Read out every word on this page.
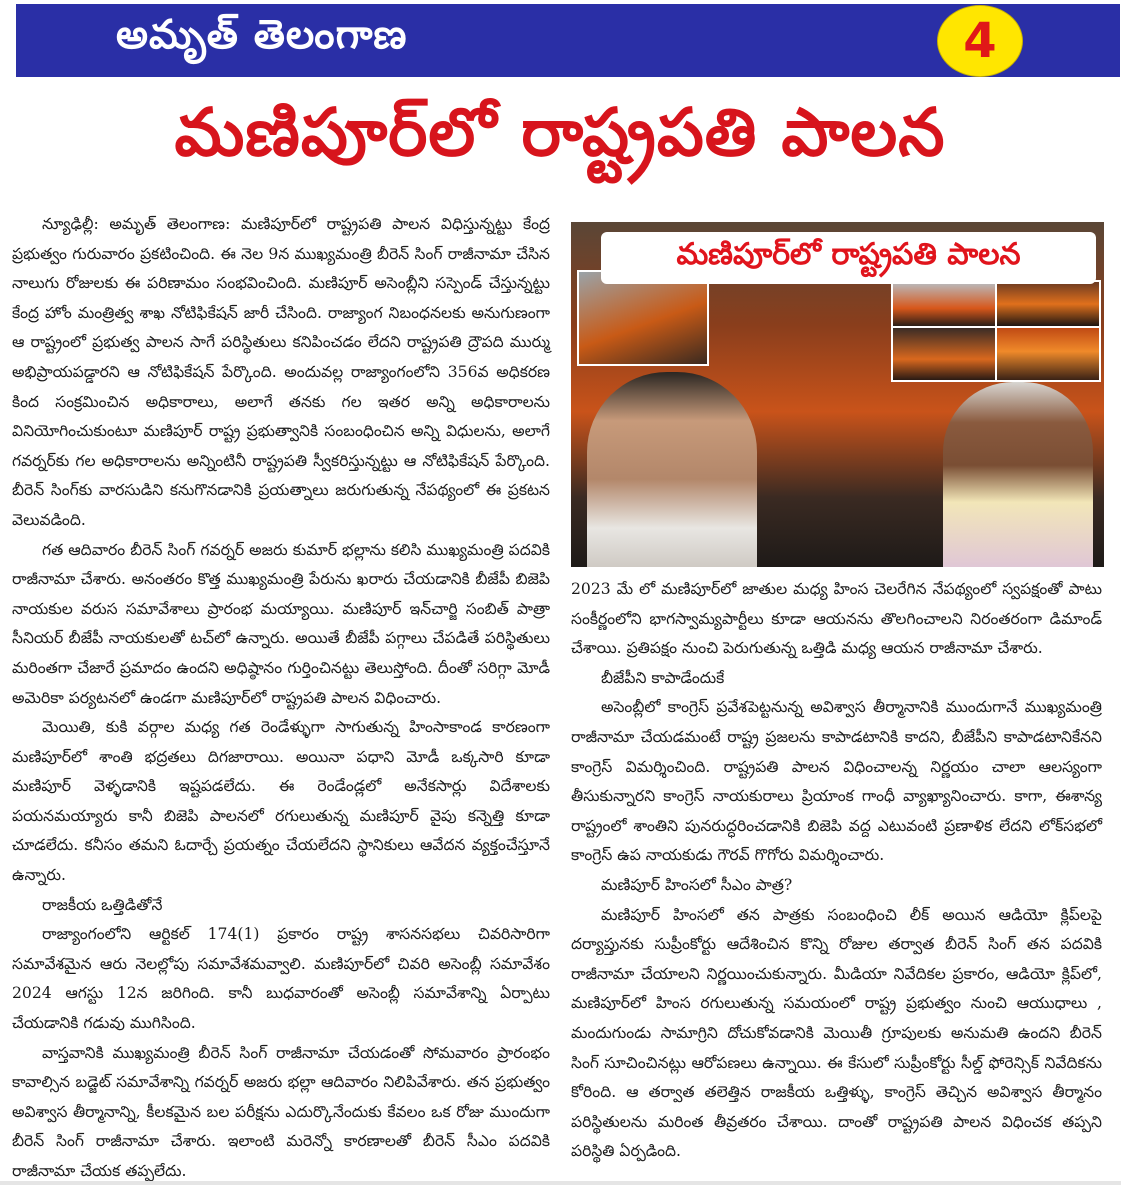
అమృత్ తెలంగాణ	4
మణిపూర్‌లో రాష్ట్రపతి పాలన

న్యూఢిల్లీ: అమృత్ తెలంగాణ: మణిపూర్‌లో రాష్ట్రపతి పాలన విధిస్తున్నట్టు కేంద్ర ప్రభుత్వం గురువారం ప్రకటించింది. ఈ నెల 9న ముఖ్యమంత్రి బీరెన్ సింగ్ రాజీనామా చేసిన నాలుగు రోజులకు ఈ పరిణామం సంభవించింది. మణిపూర్ అసెంబ్లీని సస్పెండ్ చేస్తున్నట్టు కేంద్ర హోం మంత్రిత్వ శాఖ నోటిఫికేషన్ జారీ చేసింది. రాజ్యాంగ నిబంధనలకు అనుగుణంగా ఆ రాష్ట్రంలో ప్రభుత్వ పాలన సాగే పరిస్థితులు కనిపించడం లేదని రాష్ట్రపతి ద్రౌపది ముర్ము అభిప్రాయపడ్డారని ఆ నోటిఫికేషన్ పేర్కొంది. అందువల్ల రాజ్యాంగంలోని 356వ అధికరణ కింద సంక్రమించిన అధికారాలు, అలాగే తనకు గల ఇతర అన్ని అధికారాలను వినియోగించుకుంటూ మణిపూర్ రాష్ట్ర ప్రభుత్వానికి సంబంధించిన అన్ని విధులను, అలాగే గవర్నర్‌కు గల అధికారాలను అన్నింటినీ రాష్ట్రపతి స్వీకరిస్తున్నట్టు ఆ నోటిఫికేషన్ పేర్కొంది. బీరెన్ సింగ్‌కు వారసుడిని కనుగొనడానికి ప్రయత్నాలు జరుగుతున్న నేపథ్యంలో ఈ ప్రకటన వెలువడింది.

గత ఆదివారం బీరెన్ సింగ్ గవర్నర్ అజరు కుమార్ భల్లాను కలిసి ముఖ్యమంత్రి పదవికి రాజీనామా చేశారు. అనంతరం కొత్త ముఖ్యమంత్రి పేరును ఖరారు చేయడానికి బీజేపీ బిజెపి నాయకుల వరుస సమావేశాలు ప్రారంభ మయ్యాయి. మణిపూర్ ఇన్‌చార్జి సంబిత్ పాత్రా సీనియర్ బీజేపీ నాయకులతో టచ్‌లో ఉన్నారు. అయితే బీజేపీ పగ్గాలు చేపడితే పరిస్థితులు మరింతగా చేజారే ప్రమాదం ఉందని అధిష్ఠానం గుర్తించినట్టు తెలుస్తోంది. దీంతో సరిగ్గా మోడీ అమెరికా పర్యటనలో ఉండగా మణిపూర్‌లో రాష్ట్రపతి పాలన విధించారు.

మెయితి, కుకి వర్గాల మధ్య గత రెండేళ్ళుగా సాగుతున్న హింసాకాండ కారణంగా మణిపూర్‌లో శాంతి భద్రతలు దిగజారాయి. అయినా పధాని మోడీ ఒక్కసారి కూడా మణిపూర్ వెళ్ళడానికి ఇష్టపడలేదు. ఈ రెండేండ్లలో అనేకసార్లు విదేశాలకు పయనమయ్యారు కానీ బిజెపి పాలనలో రగులుతున్న మణిపూర్ వైపు కన్నెత్తి కూడా చూడలేదు. కనీసం తమని ఓదార్చే ప్రయత్నం చేయలేదని స్థానికులు ఆవేదన వ్యక్తంచేస్తూనే ఉన్నారు.

రాజకీయ ఒత్తిడితోనే

రాజ్యాంగంలోని ఆర్టికల్ 174(1) ప్రకారం రాష్ట్ర శాసనసభలు చివరిసారిగా సమావేశమైన ఆరు నెలల్లోపు సమావేశమవ్వాలి. మణిపూర్‌లో చివరి అసెంబ్లీ సమావేశం 2024 ఆగస్టు 12న జరిగింది. కానీ బుధవారంతో అసెంబ్లీ సమావేశాన్ని ఏర్పాటు చేయడానికి గడువు ముగిసింది.

వాస్తవానికి ముఖ్యమంత్రి బీరెన్ సింగ్ రాజీనామా చేయడంతో సోమవారం ప్రారంభం కావాల్సిన బడ్జెట్ సమావేశాన్ని గవర్నర్ అజరు భల్లా ఆదివారం నిలిపివేశారు. తన ప్రభుత్వం అవిశ్వాస తీర్మానాన్ని, కీలకమైన బల పరీక్షను ఎదుర్కొనేందుకు కేవలం ఒక రోజు ముందుగా బీరెన్ సింగ్ రాజీనామా చేశారు. ఇలాంటి మరెన్నో కారణాలతో బీరెన్ సీఎం పదవికి రాజీనామా చేయక తప్పలేదు.

మణిపూర్‌లో రాష్ట్రపతి పాలన

2023 మే లో మణిపూర్‌లో జాతుల మధ్య హింస చెలరేగిన నేపథ్యంలో స్వపక్షంతో పాటు సంకీర్ణంలోని భాగస్వామ్యపార్టీలు కూడా ఆయనను తొలగించాలని నిరంతరంగా డిమాండ్ చేశాయి. ప్రతిపక్షం నుంచి పెరుగుతున్న ఒత్తిడి మధ్య ఆయన రాజీనామా చేశారు.

బీజేపీని కాపాడేందుకే

అసెంబ్లీలో కాంగ్రెస్ ప్రవేశపెట్టనున్న అవిశ్వాస తీర్మానానికి ముందుగానే ముఖ్యమంత్రి రాజీనామా చేయడమంటే రాష్ట్ర ప్రజలను కాపాడటానికి కాదని, బీజేపీని కాపాడటానికేనని కాంగ్రెస్ విమర్శించింది. రాష్ట్రపతి పాలన విధించాలన్న నిర్ణయం చాలా ఆలస్యంగా తీసుకున్నారని కాంగ్రెస్ నాయకురాలు ప్రియాంక గాంధీ వ్యాఖ్యానించారు. కాగా, ఈశాన్య రాష్ట్రంలో శాంతిని పునరుద్ధరించడానికి బిజెపి వద్ద ఎటువంటి ప్రణాళిక లేదని లోక్‌సభలో కాంగ్రెస్ ఉప నాయకుడు గౌరవ్ గొగోరు విమర్శించారు.

మణిపూర్ హింసలో సీఎం పాత్ర?

మణిపూర్ హింసలో తన పాత్రకు సంబంధించి లీక్ అయిన ఆడియో క్లిప్‌లపై దర్యాప్తునకు సుప్రీంకోర్టు ఆదేశించిన కొన్ని రోజుల తర్వాత బీరెన్ సింగ్ తన పదవికి రాజీనామా చేయాలని నిర్ణయించుకున్నారు. మీడియా నివేదికల ప్రకారం, ఆడియో క్లిప్‌లో, మణిపూర్‌లో హింస రగులుతున్న సమయంలో రాష్ట్ర ప్రభుత్వం నుంచి ఆయుధాలు , మందుగుండు సామాగ్రిని దోచుకోవడానికి మెయితీ గ్రూపులకు అనుమతి ఉందని బీరెన్ సింగ్ సూచించినట్లు ఆరోపణలు ఉన్నాయి. ఈ కేసులో సుప్రీంకోర్టు సీల్డ్ ఫోరెన్సిక్ నివేదికను కోరింది. ఆ తర్వాత తలెత్తిన రాజకీయ ఒత్తిళ్ళు, కాంగ్రెస్ తెచ్చిన అవిశ్వాస తీర్మానం పరిస్థితులను మరింత తీవ్రతరం చేశాయి. దాంతో రాష్ట్రపతి పాలన విధించక తప్పని పరిస్థితి ఏర్పడింది.
